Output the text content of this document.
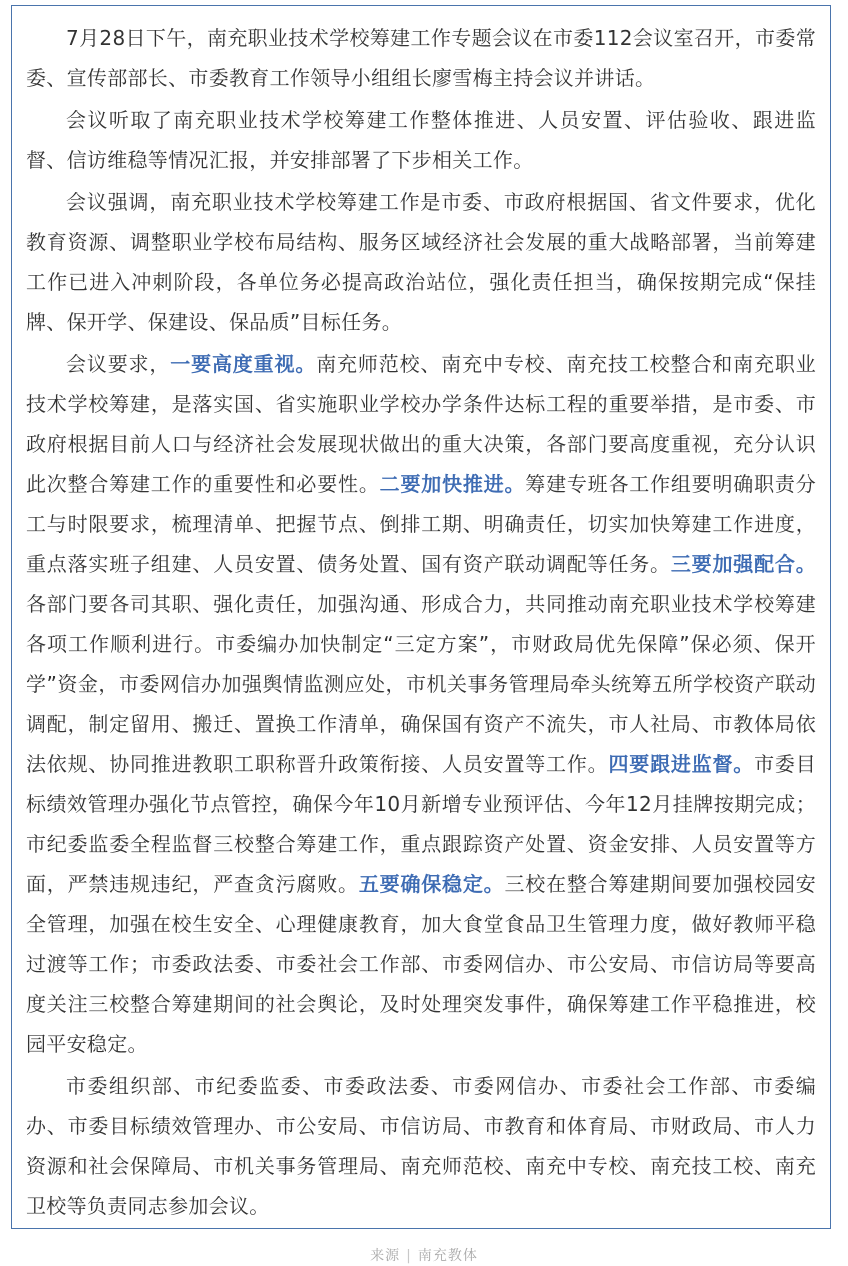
7月28日下午，南充职业技术学校筹建工作专题会议在市委112会议室召开，市委常委、宣传部部长、市委教育工作领导小组组长廖雪梅主持会议并讲话。

会议听取了南充职业技术学校筹建工作整体推进、人员安置、评估验收、跟进监督、信访维稳等情况汇报，并安排部署了下步相关工作。

会议强调，南充职业技术学校筹建工作是市委、市政府根据国、省文件要求，优化教育资源、调整职业学校布局结构、服务区域经济社会发展的重大战略部署，当前筹建工作已进入冲刺阶段，各单位务必提高政治站位，强化责任担当，确保按期完成“保挂牌、保开学、保建设、保品质”目标任务。

会议要求，一要高度重视。南充师范校、南充中专校、南充技工校整合和南充职业技术学校筹建，是落实国、省实施职业学校办学条件达标工程的重要举措，是市委、市政府根据目前人口与经济社会发展现状做出的重大决策，各部门要高度重视，充分认识此次整合筹建工作的重要性和必要性。二要加快推进。筹建专班各工作组要明确职责分工与时限要求，梳理清单、把握节点、倒排工期、明确责任，切实加快筹建工作进度，重点落实班子组建、人员安置、债务处置、国有资产联动调配等任务。三要加强配合。各部门要各司其职、强化责任，加强沟通、形成合力，共同推动南充职业技术学校筹建各项工作顺利进行。市委编办加快制定“三定方案”，市财政局优先保障”保必须、保开学”资金，市委网信办加强舆情监测应处，市机关事务管理局牵头统筹五所学校资产联动调配，制定留用、搬迁、置换工作清单，确保国有资产不流失，市人社局、市教体局依法依规、协同推进教职工职称晋升政策衔接、人员安置等工作。四要跟进监督。市委目标绩效管理办强化节点管控，确保今年10月新增专业预评估、今年12月挂牌按期完成；市纪委监委全程监督三校整合筹建工作，重点跟踪资产处置、资金安排、人员安置等方面，严禁违规违纪，严查贪污腐败。五要确保稳定。三校在整合筹建期间要加强校园安全管理，加强在校生安全、心理健康教育，加大食堂食品卫生管理力度，做好教师平稳过渡等工作；市委政法委、市委社会工作部、市委网信办、市公安局、市信访局等要高度关注三校整合筹建期间的社会舆论，及时处理突发事件，确保筹建工作平稳推进，校园平安稳定。

市委组织部、市纪委监委、市委政法委、市委网信办、市委社会工作部、市委编办、市委目标绩效管理办、市公安局、市信访局、市教育和体育局、市财政局、市人力资源和社会保障局、市机关事务管理局、南充师范校、南充中专校、南充技工校、南充卫校等负责同志参加会议。

来源 | 南充教体
